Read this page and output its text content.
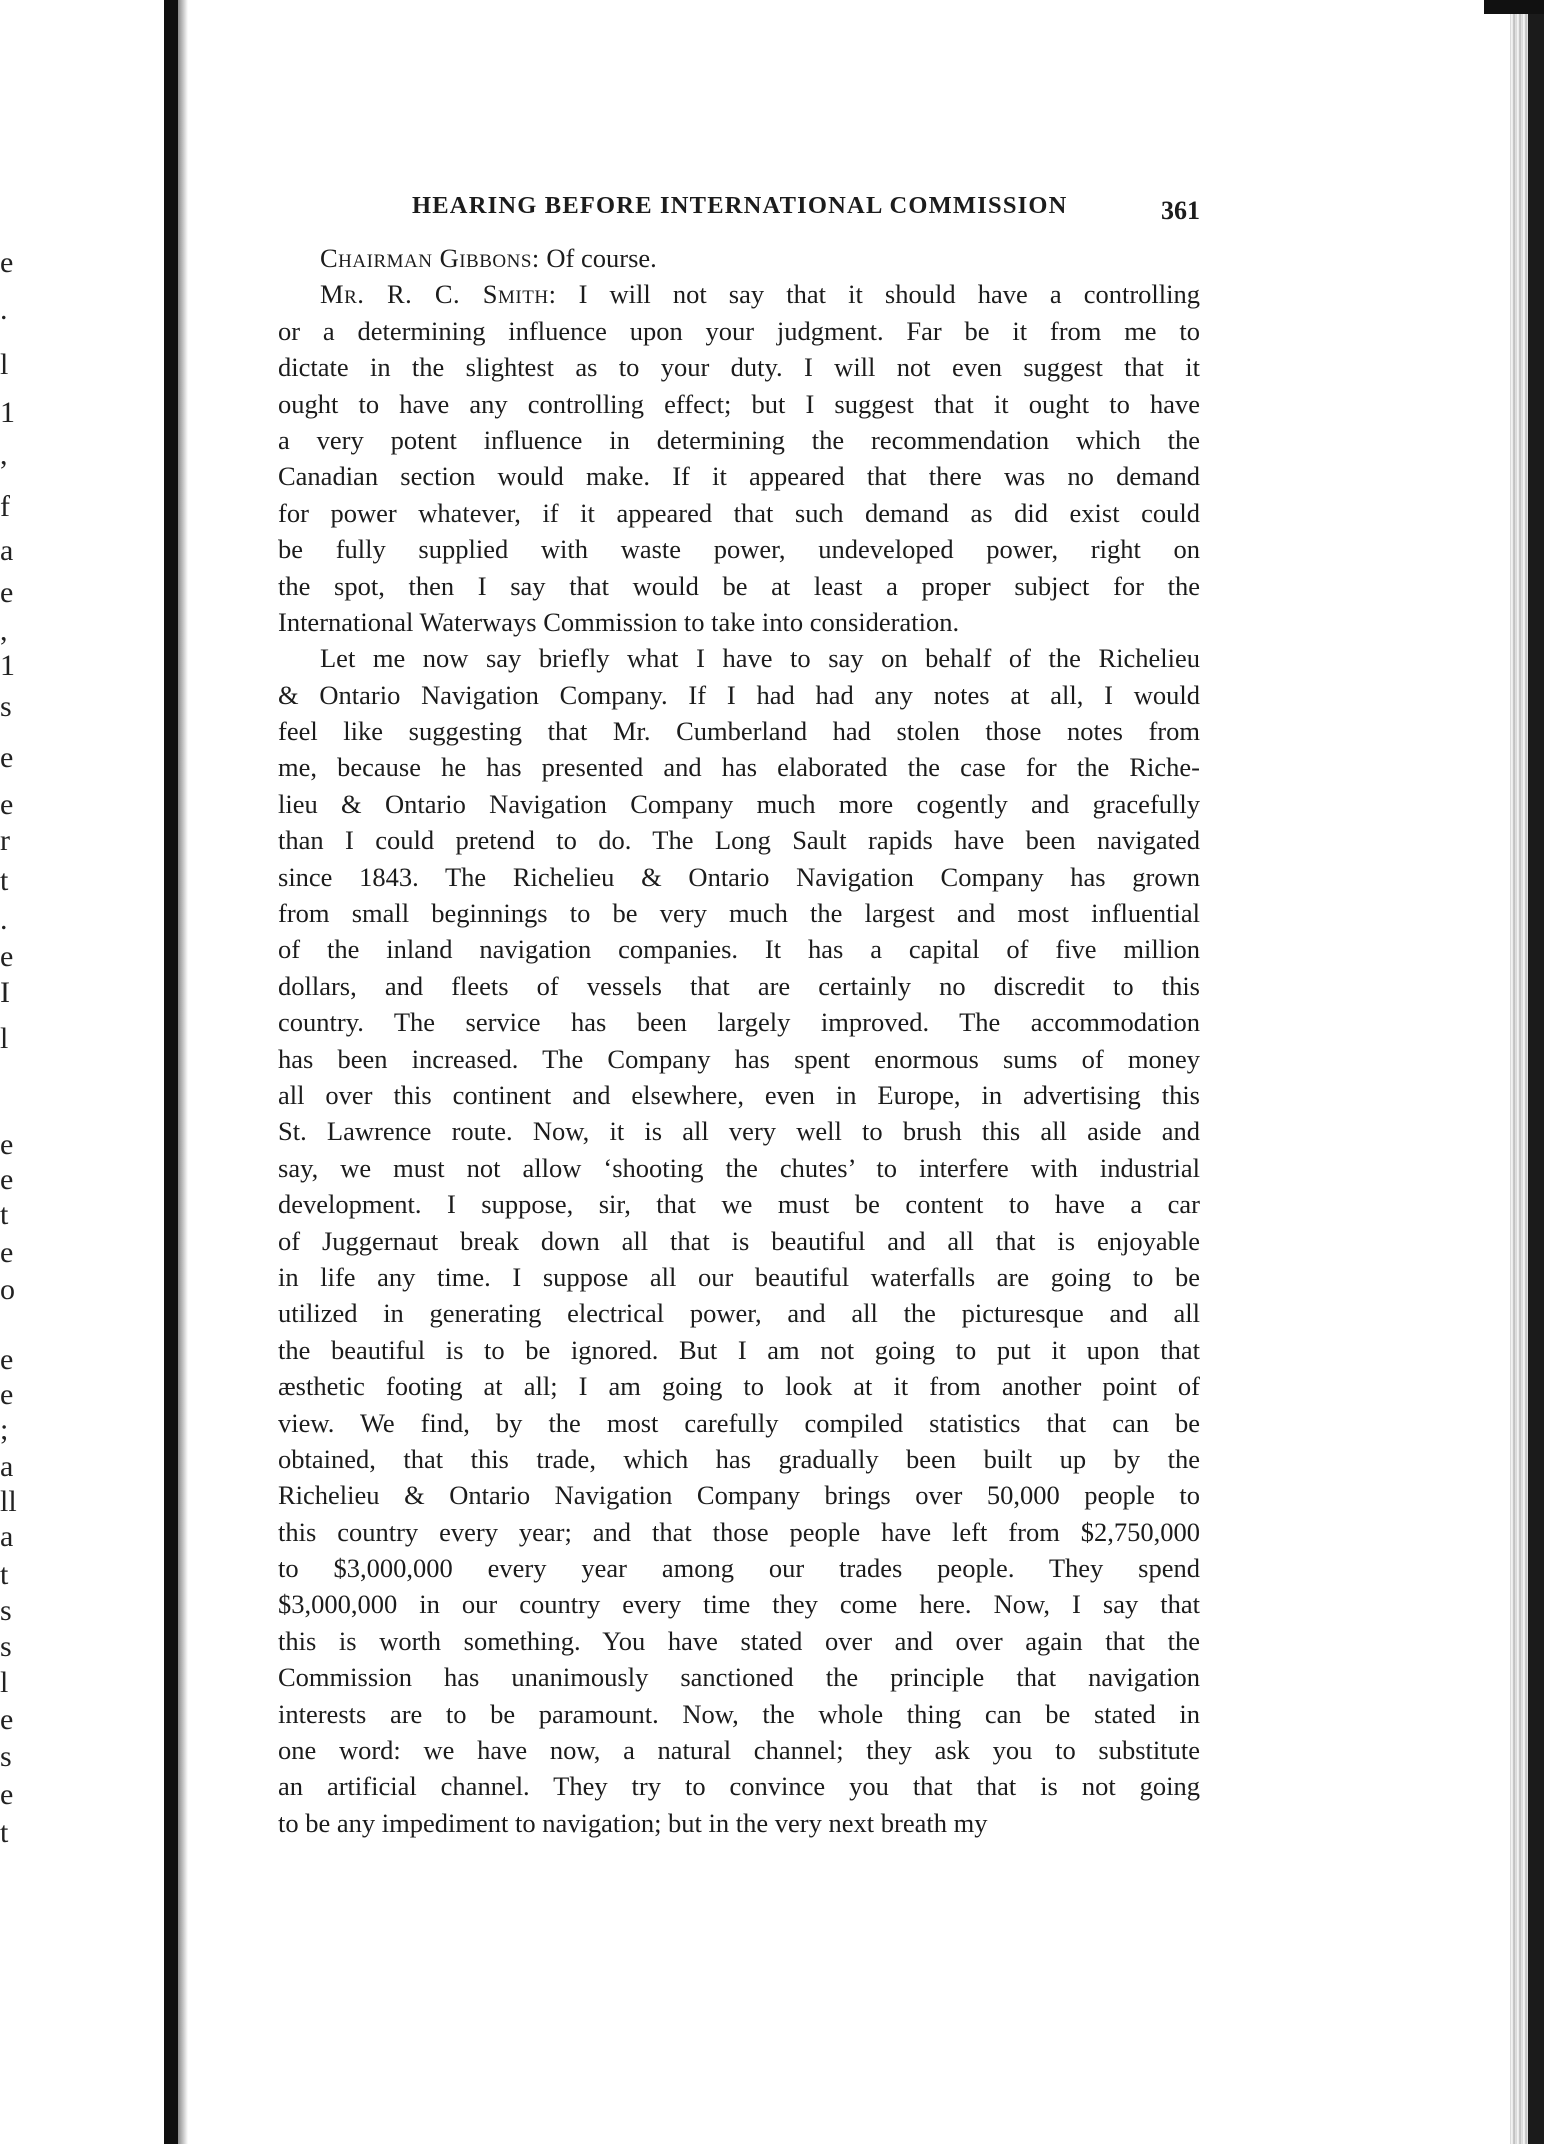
e
.
l
1
,
f
a
e
,
1
s
e
e
r
t
.
e
I
l
e
e
t
e
o
e
e
;
a
ll
a
t
s
s
l
e
s
e
t
HEARING BEFORE INTERNATIONAL COMMISSION	361
Chairman Gibbons: Of course.
Mr. R. C. Smith: I will not say that it should have a controlling
or a determining influence upon your judgment. Far be it from me to
dictate in the slightest as to your duty. I will not even suggest that it
ought to have any controlling effect; but I suggest that it ought to have
a very potent influence in determining the recommendation which the
Canadian section would make. If it appeared that there was no demand
for power whatever, if it appeared that such demand as did exist could
be fully supplied with waste power, undeveloped power, right on
the spot, then I say that would be at least a proper subject for the
International Waterways Commission to take into consideration.
Let me now say briefly what I have to say on behalf of the Richelieu
& Ontario Navigation Company. If I had had any notes at all, I would
feel like suggesting that Mr. Cumberland had stolen those notes from
me, because he has presented and has elaborated the case for the Riche-
lieu & Ontario Navigation Company much more cogently and gracefully
than I could pretend to do. The Long Sault rapids have been navigated
since 1843. The Richelieu & Ontario Navigation Company has grown
from small beginnings to be very much the largest and most influential
of the inland navigation companies. It has a capital of five million
dollars, and fleets of vessels that are certainly no discredit to this
country. The service has been largely improved. The accommodation
has been increased. The Company has spent enormous sums of money
all over this continent and elsewhere, even in Europe, in advertising this
St. Lawrence route. Now, it is all very well to brush this all aside and
say, we must not allow ‘shooting the chutes’ to interfere with industrial
development. I suppose, sir, that we must be content to have a car
of Juggernaut break down all that is beautiful and all that is enjoyable
in life any time. I suppose all our beautiful waterfalls are going to be
utilized in generating electrical power, and all the picturesque and all
the beautiful is to be ignored. But I am not going to put it upon that
æsthetic footing at all; I am going to look at it from another point of
view. We find, by the most carefully compiled statistics that can be
obtained, that this trade, which has gradually been built up by the
Richelieu & Ontario Navigation Company brings over 50,000 people to
this country every year; and that those people have left from $2,750,000
to $3,000,000 every year among our trades people. They spend
$3,000,000 in our country every time they come here. Now, I say that
this is worth something. You have stated over and over again that the
Commission has unanimously sanctioned the principle that navigation
interests are to be paramount. Now, the whole thing can be stated in
one word: we have now, a natural channel; they ask you to substitute
an artificial channel. They try to convince you that that is not going
to be any impediment to navigation; but in the very next breath my
